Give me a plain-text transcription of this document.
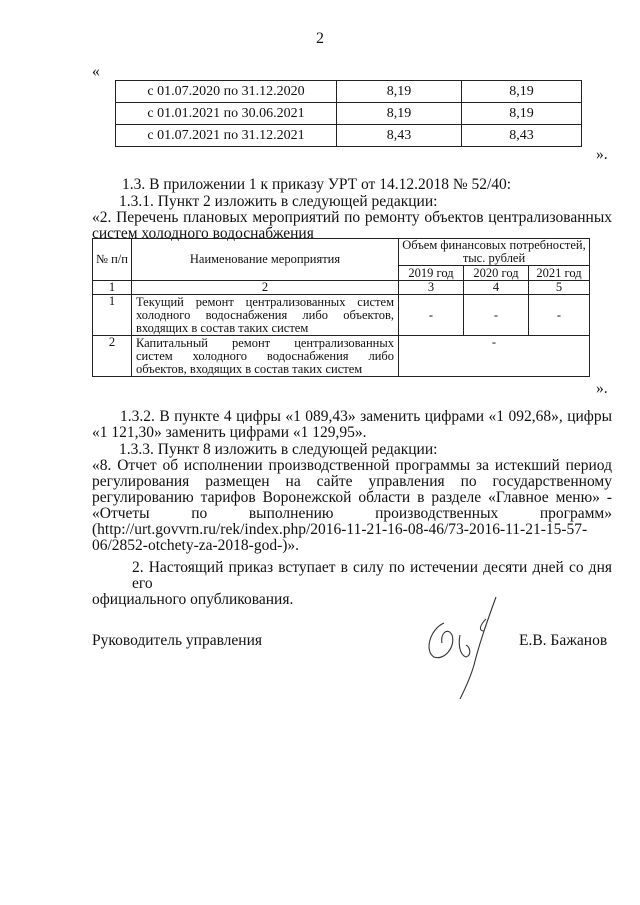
2
«
с 01.07.2020 по 31.12.2020	8,19	8,19
с 01.01.2021 по 30.06.2021	8,19	8,19
с 01.07.2021 по 31.12.2021	8,43	8,43
».
1.3. В приложении 1 к приказу УРТ от 14.12.2018 № 52/40:
1.3.1. Пункт 2 изложить в следующей редакции:
«2. Перечень плановых мероприятий по ремонту объектов централизованных
систем холодного водоснабжения
№ п/п	Наименование мероприятия	Объем финансовых потребностей, тыс. рублей		
		2019 год	2020 год	2021 год
1	2	3	4	5
1	Текущий ремонт централизованных систем
холодного водоснабжения либо объектов,
входящих в состав таких систем	-	-	-
2	Капитальный ремонт централизованных
систем холодного водоснабжения либо
объектов, входящих в состав таких систем	-		
».
1.3.2. В пункте 4 цифры «1 089,43» заменить цифрами «1 092,68», цифры
«1 121,30» заменить цифрами «1 129,95».
1.3.3. Пункт 8 изложить в следующей редакции:
«8. Отчет об исполнении производственной программы за истекший период
регулирования размещен на сайте управления по государственному
регулированию тарифов Воронежской области в разделе «Главное меню» -
«Отчеты по выполнению производственных программ»
(http://urt.govvrn.ru/rek/index.php/2016-11-21-16-08-46/73-2016-11-21-15-57-
06/2852-otchety-za-2018-god-)».
2. Настоящий приказ вступает в силу по истечении десяти дней со дня его
официального опубликования.
Руководитель управления	Е.В. Бажанов
